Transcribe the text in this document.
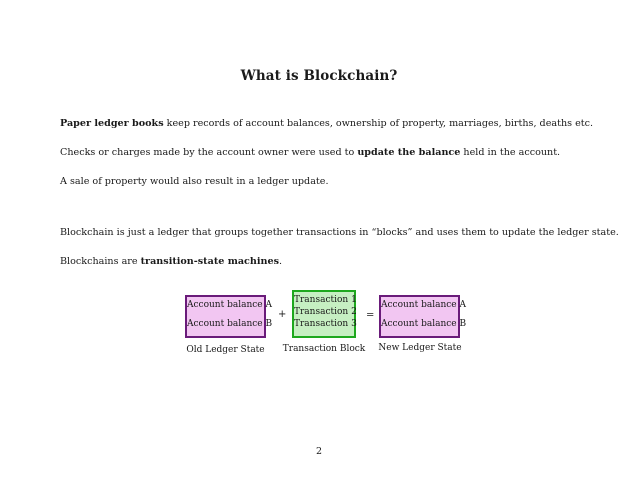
What is Blockchain?
Paper ledger books keep records of account balances, ownership of property, marriages, births, deaths etc.
Checks or charges made by the account owner were used to update the balance held in the account.
A sale of property would also result in a ledger update.
Blockchain is just a ledger that groups together transactions in “blocks” and uses them to update the ledger state.
Blockchains are transition-state machines.
Account balance A
Account balance B
+
Transaction 1
Transaction 2
Transaction 3
=
Account balance A
Account balance B
Old Ledger State	Transaction Block	New Ledger State
2
